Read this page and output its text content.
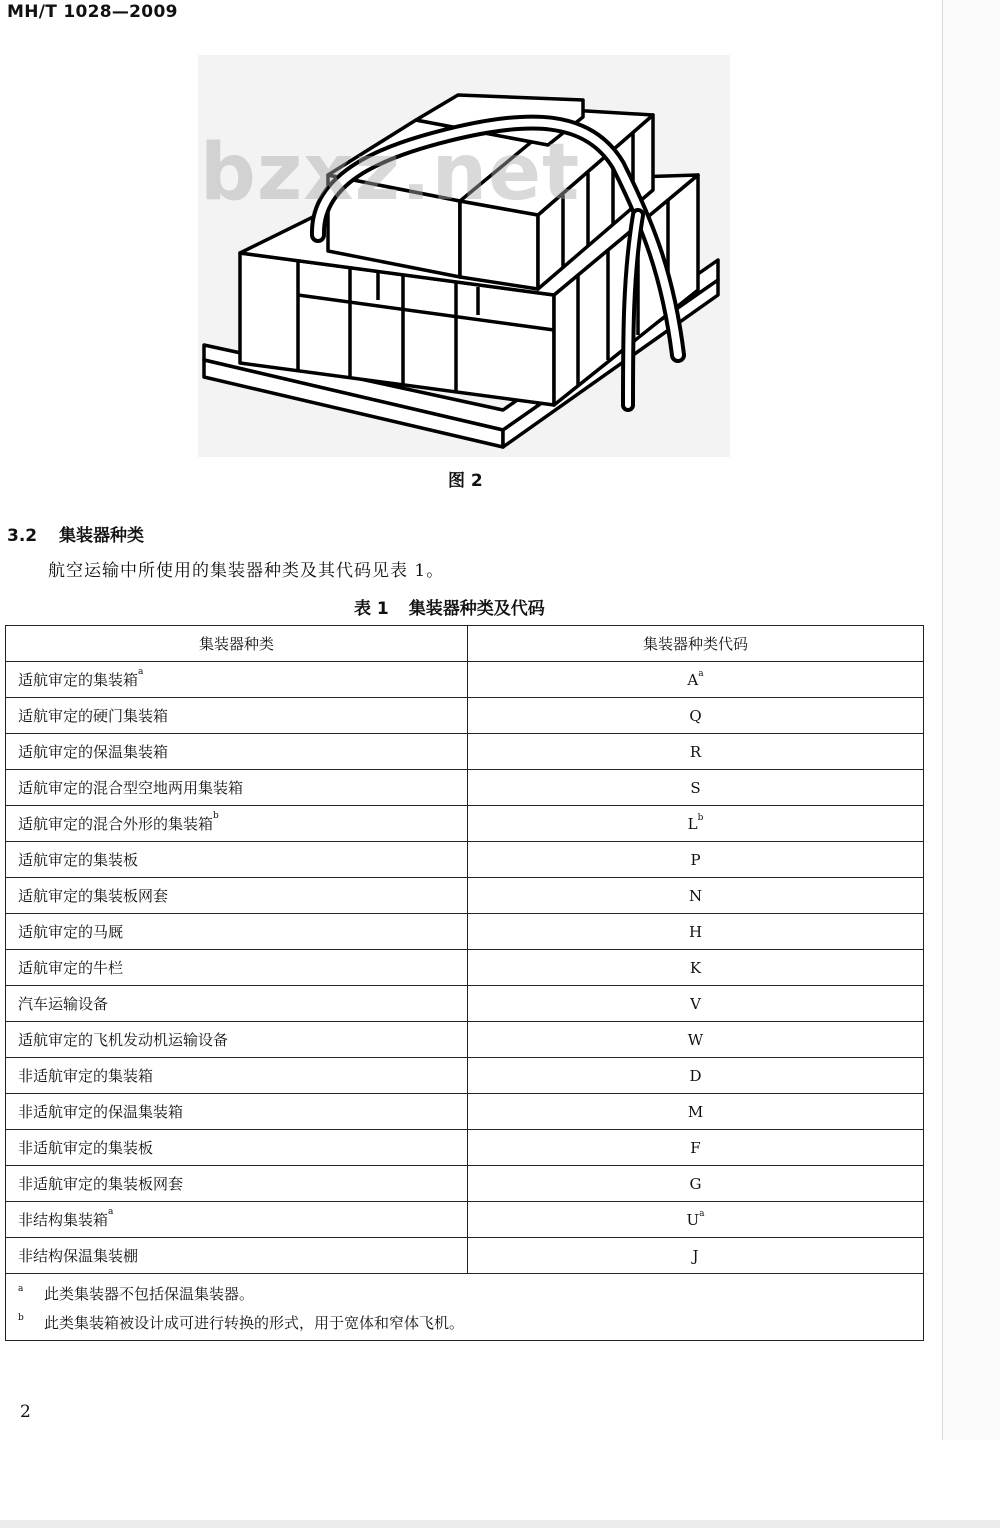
MH/T 1028—2009
bzxz.net
图 2
3.2 集装器种类
航空运输中所使用的集装器种类及其代码见表 1。
表 1 集装器种类及代码
集装器种类	集装器种类代码
适航审定的集装箱$^a$	$A^a$
适航审定的硬门集装箱	Q
适航审定的保温集装箱	R
适航审定的混合型空地两用集装箱	S
适航审定的混合外形的集装箱$^b$	$L^b$
适航审定的集装板	P
适航审定的集装板网套	N
适航审定的马厩	H
适航审定的牛栏	K
汽车运输设备	V
适航审定的飞机发动机运输设备	W
非适航审定的集装箱	D
非适航审定的保温集装箱	M
非适航审定的集装板	F
非适航审定的集装板网套	G
非结构集装箱$^a$	$U^a$
非结构保温集装棚	J

a 此类集装器不包括保温集装器。
b 此类集装箱被设计成可进行转换的形式，用于宽体和窄体飞机。	
2
